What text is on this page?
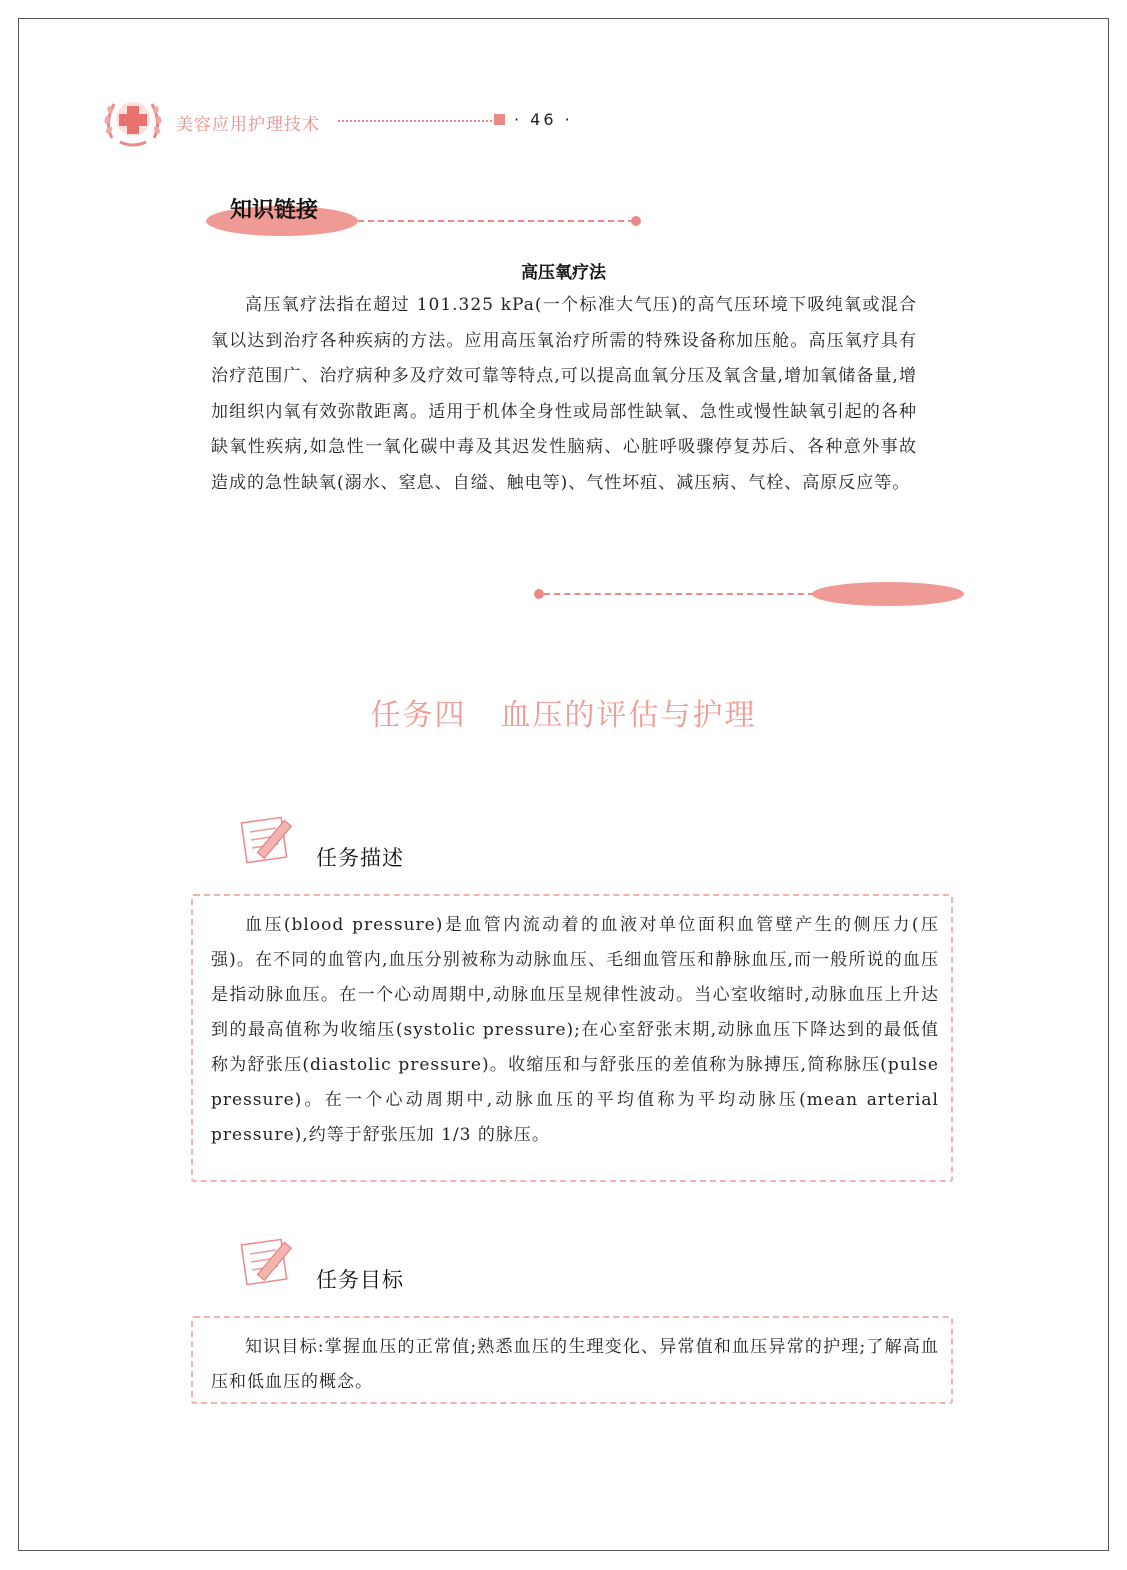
美容应用护理技术	· 46 ·
知识链接
高压氧疗法

高压氧疗法指在超过 101.325 kPa(一个标准大气压)的高气压环境下吸纯氧或混合氧以达到治疗各种疾病的方法。应用高压氧治疗所需的特殊设备称加压舱。高压氧疗具有治疗范围广、治疗病种多及疗效可靠等特点,可以提高血氧分压及氧含量,增加氧储备量,增加组织内氧有效弥散距离。适用于机体全身性或局部性缺氧、急性或慢性缺氧引起的各种缺氧性疾病,如急性一氧化碳中毒及其迟发性脑病、心脏呼吸骤停复苏后、各种意外事故造成的急性缺氧(溺水、窒息、自缢、触电等)、气性坏疽、减压病、气栓、高原反应等。

任务四 血压的评估与护理
任务描述

血压(blood pressure)是血管内流动着的血液对单位面积血管壁产生的侧压力(压强)。在不同的血管内,血压分别被称为动脉血压、毛细血管压和静脉血压,而一般所说的血压是指动脉血压。在一个心动周期中,动脉血压呈规律性波动。当心室收缩时,动脉血压上升达到的最高值称为收缩压(systolic pressure);在心室舒张末期,动脉血压下降达到的最低值称为舒张压(diastolic pressure)。收缩压和与舒张压的差值称为脉搏压,简称脉压(pulse pressure)。在一个心动周期中,动脉血压的平均值称为平均动脉压(mean arterial pressure),约等于舒张压加 1/3 的脉压。

任务目标

知识目标:掌握血压的正常值;熟悉血压的生理变化、异常值和血压异常的护理;了解高血压和低血压的概念。
